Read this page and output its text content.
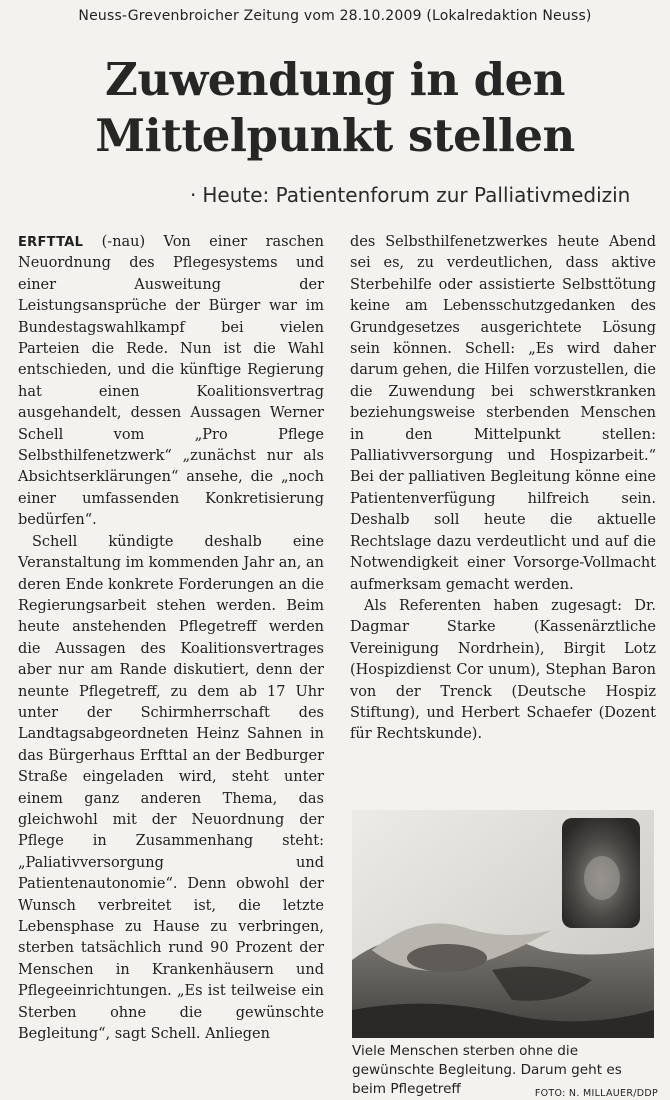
Neuss-Grevenbroicher Zeitung vom 28.10.2009 (Lokalredaktion Neuss)
Zuwendung in den
Mittelpunkt stellen
· Heute: Patientenforum zur Palliativmedizin

ERFTTAL (-nau) Von einer raschen Neuordnung des Pflegesystems und einer Ausweitung der Leistungsansprüche der Bürger war im Bundestagswahlkampf bei vielen Parteien die Rede. Nun ist die Wahl entschieden, und die künftige Regierung hat einen Koalitionsvertrag ausgehandelt, dessen Aussagen Werner Schell vom „Pro Pflege Selbsthilfenetzwerk“ „zunächst nur als Absichtserklärungen“ ansehe, die „noch einer umfassenden Konkretisierung bedürfen“.

Schell kündigte deshalb eine Veranstaltung im kommenden Jahr an, an deren Ende konkrete Forderungen an die Regierungsarbeit stehen werden. Beim heute anstehenden Pflegetreff werden die Aussagen des Koalitionsvertrages aber nur am Rande diskutiert, denn der neunte Pflegetreff, zu dem ab 17 Uhr unter der Schirmherrschaft des Landtagsabgeordneten Heinz Sahnen in das Bürgerhaus Erfttal an der Bedburger Straße eingeladen wird, steht unter einem ganz anderen Thema, das gleichwohl mit der Neuordnung der Pflege in Zusammenhang steht: „Paliativversorgung und Patientenautonomie“. Denn obwohl der Wunsch verbreitet ist, die letzte Lebensphase zu Hause zu verbringen, sterben tatsächlich rund 90 Prozent der Menschen in Krankenhäusern und Pflegeeinrichtungen. „Es ist teilweise ein Sterben ohne die gewünschte Begleitung“, sagt Schell. Anliegen

des Selbsthilfenetzwerkes heute Abend sei es, zu verdeutlichen, dass aktive Sterbehilfe oder assistierte Selbsttötung keine am Lebensschutzgedanken des Grundgesetzes ausgerichtete Lösung sein können. Schell: „Es wird daher darum gehen, die Hilfen vorzustellen, die die Zuwendung bei schwerstkranken beziehungsweise sterbenden Menschen in den Mittelpunkt stellen: Palliativversorgung und Hospizarbeit.“ Bei der palliativen Begleitung könne eine Patientenverfügung hilfreich sein. Deshalb soll heute die aktuelle Rechtslage dazu verdeutlicht und auf die Notwendigkeit einer Vorsorge-Vollmacht aufmerksam gemacht werden.

Als Referenten haben zugesagt: Dr. Dagmar Starke (Kassenärztliche Vereinigung Nordrhein), Birgit Lotz (Hospizdienst Cor unum), Stephan Baron von der Trenck (Deutsche Hospiz Stiftung), und Herbert Schaefer (Dozent für Rechtskunde).

Viele Menschen sterben ohne die gewünschte Begleitung. Darum geht es beim Pflegetreff	FOTO: N. MILLAUER/DDP
